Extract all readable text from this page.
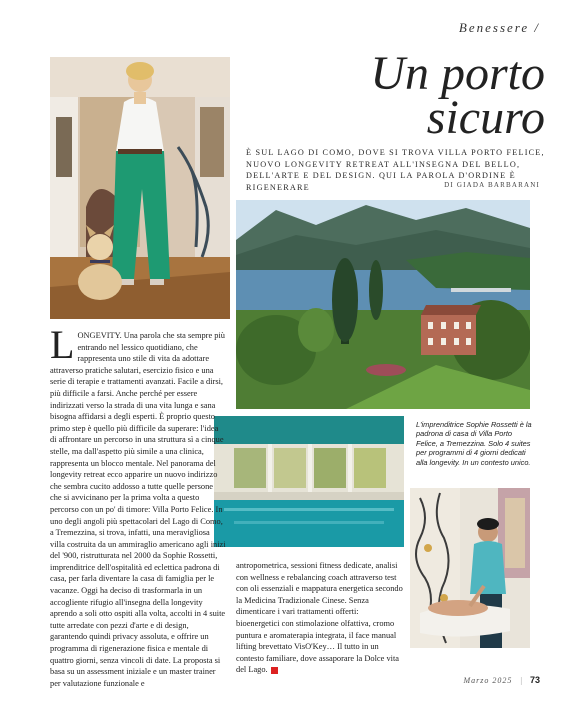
Benessere /
Un porto
sicuro
È SUL LAGO DI COMO, DOVE SI TROVA VILLA PORTO FELICE, NUOVO LONGEVITY RETREAT ALL'INSEGNA DEL BELLO, DELL'ARTE E DEL DESIGN. QUI LA PAROLA D'ORDINE È RIGENERARE	DI GIADA BARBARANI
L'imprenditrice Sophie Rossetti è la padrona di casa di Villa Porto Felice, a Tremezzina. Solo 4 suites per programmi di 4 giorni dedicati alla longevity. In un contesto unico.
LONGEVITY. Una parola che sta sempre più entrando nel lessico quotidiano, che rappresenta uno stile di vita da adottare attraverso pratiche salutari, esercizio fisico e una serie di terapie e trattamenti avanzati. Facile a dirsi, più difficile a farsi. Anche perché per essere indirizzati verso la strada di una vita lunga e sana bisogna affidarsi a degli esperti. È proprio questo primo step è quello più difficile da superare: l'idea di affrontare un percorso in una struttura sì a cinque stelle, ma dall'aspetto più simile a una clinica, rappresenta un blocco mentale. Nel panorama del longevity retreat ecco apparire un nuovo indirizzo che sembra cucito addosso a tutte quelle persone che si avvicinano per la prima volta a questo percorso con un po' di timore: Villa Porto Felice. In uno degli angoli più spettacolari del Lago di Como, a Tremezzina, si trova, infatti, una meravigliosa villa costruita da un ammiraglio americano agli inizi del '900, ristrutturata nel 2000 da Sophie Rossetti, imprenditrice dell'ospitalità ed eclettica padrona di casa, per farla diventare la casa di famiglia per le vacanze. Oggi ha deciso di trasformarla in un accogliente rifugio all'insegna della longevity aprendo a soli otto ospiti alla volta, accolti in 4 suite tutte arredate con pezzi d'arte e di design, garantendo quindi privacy assoluta, e offrire un programma di rigenerazione fisica e mentale di quattro giorni, senza vincoli di date. La proposta si basa su un assessment iniziale e un master trainer per valutazione funzionale e
antropometrica, sessioni fitness dedicate, analisi con wellness e rebalancing coach attraverso test con oli essenziali e mappatura energetica secondo la Medicina Tradizionale Cinese. Senza dimenticare i vari trattamenti offerti: bioenergetici con stimolazione olfattiva, cromo puntura e aromaterapia integrata, il face manual lifting brevettato VisO'Key… Il tutto in un contesto familiare, dove assaporare la Dolce vita del Lago.
Marzo 2025 | 73
